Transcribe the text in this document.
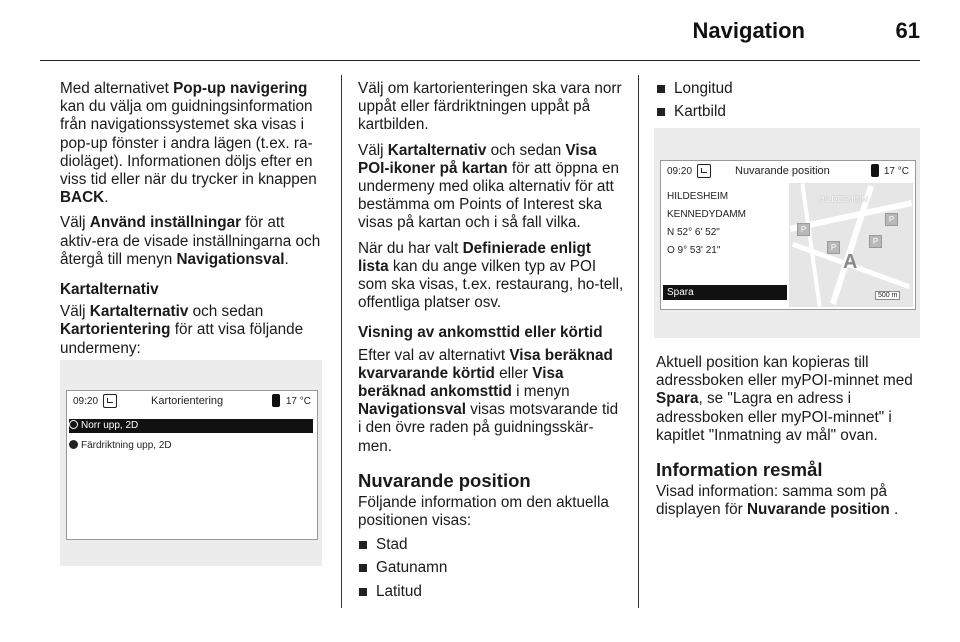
Navigation	61

Med alternativet Pop-up navigering kan du välja om guidningsinformation från navigationssystemet ska visas i pop-up fönster i andra lägen (t.ex. ra-dioläget). Informationen döljs efter en viss tid eller när du trycker in knappen BACK.

Välj Använd inställningar för att aktiv-era de visade inställningarna och återgå till menyn Navigationsval.

Kartalternativ

Välj Kartalternativ och sedan Kartorientering för att visa följande undermeny:

09:20	Kartorientering	17 °C
Norr upp, 2D
Färdriktning upp, 2D

Välj om kartorienteringen ska vara norr uppåt eller färdriktningen uppåt på kartbilden.

Välj Kartalternativ och sedan Visa POI-ikoner på kartan för att öppna en undermeny med olika alternativ för att bestämma om Points of Interest ska visas på kartan och i så fall vilka.

När du har valt Definierade enligt lista kan du ange vilken typ av POI som ska visas, t.ex. restaurang, ho-tell, offentliga platser osv.

Visning av ankomsttid eller körtid

Efter val av alternativt Visa beräknad kvarvarande körtid eller Visa beräknad ankomsttid i menyn Navigationsval visas motsvarande tid i den övre raden på guidningsskär-men.

Nuvarande position

Följande information om den aktuella positionen visas:

Stad
Gatunamn
Latitud
Longitud
Kartbild
09:20	Nuvarande position	17 °C
HILDESHEIM
KENNEDYDAMM
N 52° 6' 52"
O 9° 53' 21"
Spara
HILDESHEIM
P
P
P
P
A
500 m

Aktuell position kan kopieras till adressboken eller myPOI-minnet med Spara, se "Lagra en adress i adressboken eller myPOI-minnet" i kapitlet "Inmatning av mål" ovan.

Information resmål

Visad information: samma som på displayen för Nuvarande position .
